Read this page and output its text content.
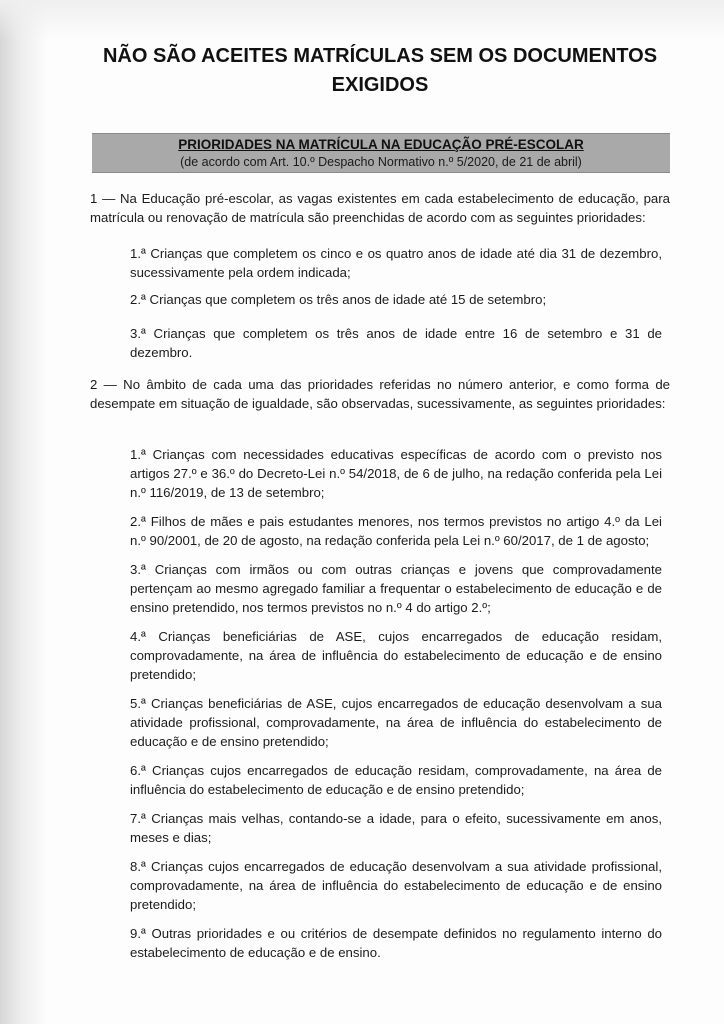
NÃO SÃO ACEITES MATRÍCULAS SEM OS DOCUMENTOS EXIGIDOS
PRIORIDADES NA MATRÍCULA NA EDUCAÇÃO PRÉ-ESCOLAR
(de acordo com Art. 10.º Despacho Normativo n.º 5/2020, de 21 de abril)
1 — Na Educação pré-escolar, as vagas existentes em cada estabelecimento de educação, para matrícula ou renovação de matrícula são preenchidas de acordo com as seguintes prioridades:
1.ª Crianças que completem os cinco e os quatro anos de idade até dia 31 de dezembro, sucessivamente pela ordem indicada;
2.ª Crianças que completem os três anos de idade até 15 de setembro;
3.ª Crianças que completem os três anos de idade entre 16 de setembro e 31 de dezembro.
2 — No âmbito de cada uma das prioridades referidas no número anterior, e como forma de desempate em situação de igualdade, são observadas, sucessivamente, as seguintes prioridades:
1.ª Crianças com necessidades educativas específicas de acordo com o previsto nos artigos 27.º e 36.º do Decreto-Lei n.º 54/2018, de 6 de julho, na redação conferida pela Lei n.º 116/2019, de 13 de setembro;
2.ª Filhos de mães e pais estudantes menores, nos termos previstos no artigo 4.º da Lei n.º 90/2001, de 20 de agosto, na redação conferida pela Lei n.º 60/2017, de 1 de agosto;
3.ª Crianças com irmãos ou com outras crianças e jovens que comprovadamente pertençam ao mesmo agregado familiar a frequentar o estabelecimento de educação e de ensino pretendido, nos termos previstos no n.º 4 do artigo 2.º;
4.ª Crianças beneficiárias de ASE, cujos encarregados de educação residam, comprovadamente, na área de influência do estabelecimento de educação e de ensino pretendido;
5.ª Crianças beneficiárias de ASE, cujos encarregados de educação desenvolvam a sua atividade profissional, comprovadamente, na área de influência do estabelecimento de educação e de ensino pretendido;
6.ª Crianças cujos encarregados de educação residam, comprovadamente, na área de influência do estabelecimento de educação e de ensino pretendido;
7.ª Crianças mais velhas, contando-se a idade, para o efeito, sucessivamente em anos, meses e dias;
8.ª Crianças cujos encarregados de educação desenvolvam a sua atividade profissional, comprovadamente, na área de influência do estabelecimento de educação e de ensino pretendido;
9.ª Outras prioridades e ou critérios de desempate definidos no regulamento interno do estabelecimento de educação e de ensino.
